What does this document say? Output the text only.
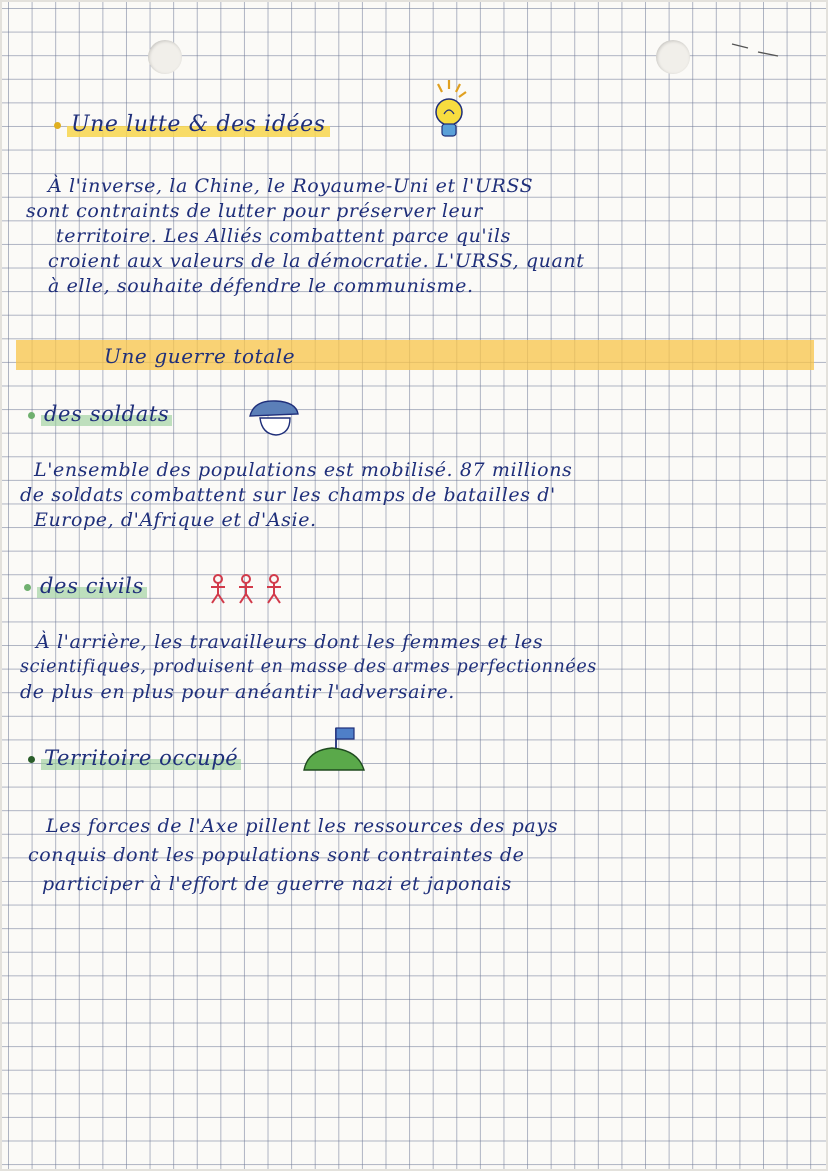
Une lutte & des idées
À l'inverse, la Chine, le Royaume-Uni et l'URSS
sont contraints de lutter pour préserver leur
territoire. Les Alliés combattent parce qu'ils
croient aux valeurs de la démocratie. L'URSS, quant
à elle, souhaite défendre le communisme.
Une guerre totale
des soldats
L'ensemble des populations est mobilisé. 87 millions
de soldats combattent sur les champs de batailles d'
Europe, d'Afrique et d'Asie.
des civils
À l'arrière, les travailleurs dont les femmes et les
scientifiques, produisent en masse des armes perfectionnées
de plus en plus pour anéantir l'adversaire.
Territoire occupé
Les forces de l'Axe pillent les ressources des pays
conquis dont les populations sont contraintes de
participer à l'effort de guerre nazi et japonais
